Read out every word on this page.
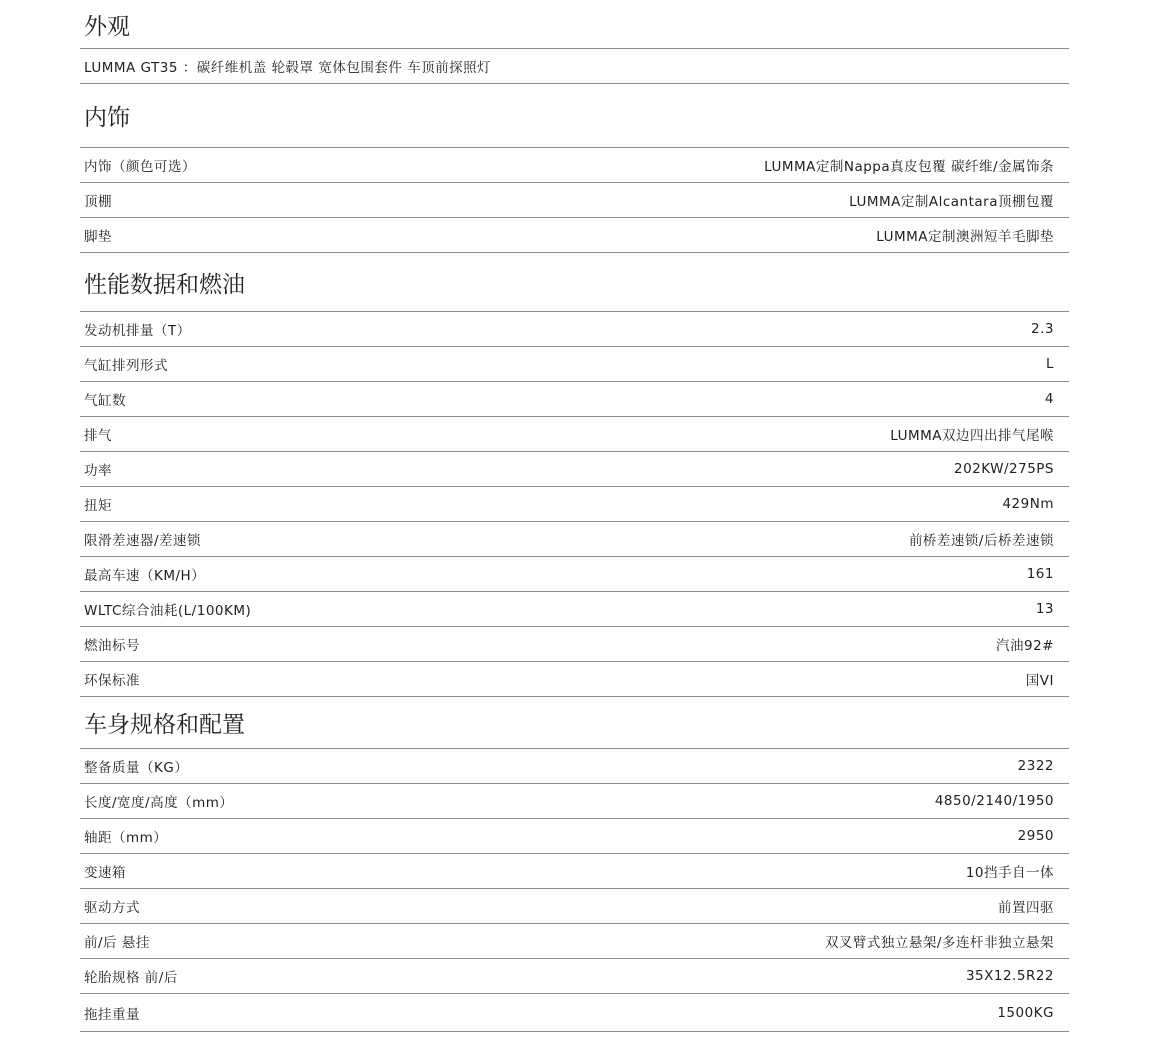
外观
LUMMA GT35 ：碳纤维机盖 轮毂罩 宽体包围套件 车顶前探照灯
内饰
内饰（颜色可选）	LUMMA定制Nappa真皮包覆 碳纤维/金属饰条
顶棚	LUMMA定制Alcantara顶棚包覆
脚垫	LUMMA定制澳洲短羊毛脚垫
性能数据和燃油
发动机排量（T）	2.3
气缸排列形式	L
气缸数	4
排气	LUMMA双边四出排气尾喉
功率	202KW/275PS
扭矩	429Nm
限滑差速器/差速锁	前桥差速锁/后桥差速锁
最高车速（KM/H）	161
WLTC综合油耗(L/100KM)	13
燃油标号	汽油92#
环保标准	国VI
车身规格和配置
整备质量（KG）	2322
长度/宽度/高度（mm）	4850/2140/1950
轴距（mm）	2950
变速箱	10挡手自一体
驱动方式	前置四驱
前/后 悬挂	双叉臂式独立悬架/多连杆非独立悬架
轮胎规格 前/后	35X12.5R22
拖挂重量	1500KG
